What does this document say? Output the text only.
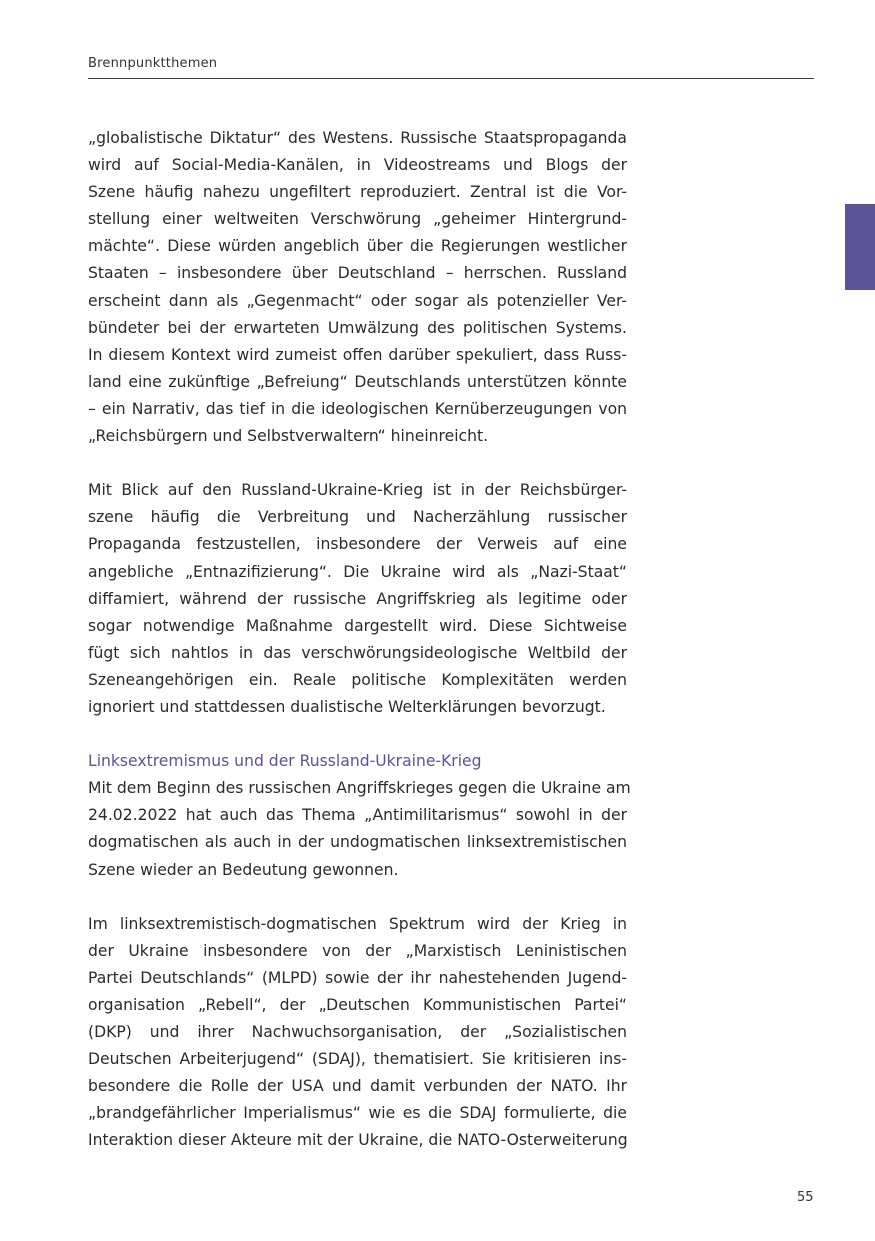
Brennpunktthemen
„globalistische Diktatur“ des Westens. Russische Staatspropaganda
wird auf Social-Media-Kanälen, in Videostreams und Blogs der
Szene häufig nahezu ungefiltert reproduziert. Zentral ist die Vor-
stellung einer weltweiten Verschwörung „geheimer Hintergrund-
mächte“. Diese würden angeblich über die Regierungen westlicher
Staaten – insbesondere über Deutschland – herrschen. Russland
erscheint dann als „Gegenmacht“ oder sogar als potenzieller Ver-
bündeter bei der erwarteten Umwälzung des politischen Systems.
In diesem Kontext wird zumeist offen darüber spekuliert, dass Russ-
land eine zukünftige „Befreiung“ Deutschlands unterstützen könnte
– ein Narrativ, das tief in die ideologischen Kernüberzeugungen von
„Reichsbürgern und Selbstverwaltern“ hineinreicht.
Mit Blick auf den Russland-Ukraine-Krieg ist in der Reichsbürger-
szene häufig die Verbreitung und Nacherzählung russischer
Propaganda festzustellen, insbesondere der Verweis auf eine
angebliche „Entnazifizierung“. Die Ukraine wird als „Nazi-Staat“
diffamiert, während der russische Angriffskrieg als legitime oder
sogar notwendige Maßnahme dargestellt wird. Diese Sichtweise
fügt sich nahtlos in das verschwörungsideologische Weltbild der
Szeneangehörigen ein. Reale politische Komplexitäten werden
ignoriert und stattdessen dualistische Welterklärungen bevorzugt.
Linksextremismus und der Russland-Ukraine-Krieg
Mit dem Beginn des russischen Angriffskrieges gegen die Ukraine am
24.02.2022 hat auch das Thema „Antimilitarismus“ sowohl in der
dogmatischen als auch in der undogmatischen linksextremistischen
Szene wieder an Bedeutung gewonnen.
Im linksextremistisch-dogmatischen Spektrum wird der Krieg in
der Ukraine insbesondere von der „Marxistisch Leninistischen
Partei Deutschlands“ (MLPD) sowie der ihr nahestehenden Jugend-
organisation „Rebell“, der „Deutschen Kommunistischen Partei“
(DKP) und ihrer Nachwuchsorganisation, der „Sozialistischen
Deutschen Arbeiterjugend“ (SDAJ), thematisiert. Sie kritisieren ins-
besondere die Rolle der USA und damit verbunden der NATO. Ihr
„brandgefährlicher Imperialismus“ wie es die SDAJ formulierte, die
Interaktion dieser Akteure mit der Ukraine, die NATO-Osterweiterung
55
